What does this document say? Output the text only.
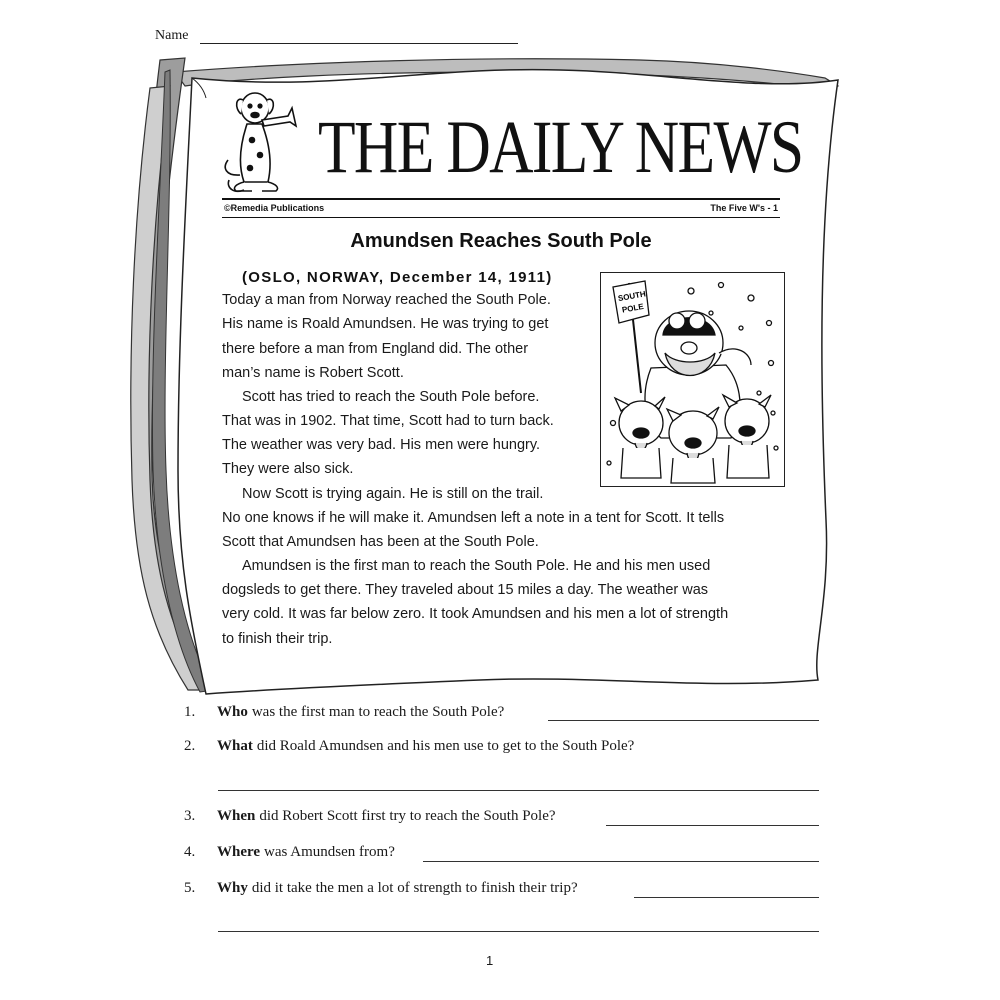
Name
THE DAILY NEWS
©Remedia Publications	The Five W's - 1
Amundsen Reaches South Pole
(OSLO, NORWAY, December 14, 1911)
Today a man from Norway reached the South Pole.
His name is Roald Amundsen. He was trying to get
there before a man from England did. The other
man’s name is Robert Scott.
Scott has tried to reach the South Pole before.
That was in 1902. That time, Scott had to turn back.
The weather was very bad. His men were hungry.
They were also sick.
Now Scott is trying again. He is still on the trail.
No one knows if he will make it. Amundsen left a note in a tent for Scott. It tells
Scott that Amundsen has been at the South Pole.
Amundsen is the first man to reach the South Pole. He and his men used
dogsleds to get there. They traveled about 15 miles a day. The weather was
very cold. It was far below zero. It took Amundsen and his men a lot of strength
to finish their trip.
SOUTH
POLE
1.	Who was the first man to reach the South Pole?
2.	What did Roald Amundsen and his men use to get to the South Pole?
3.	When did Robert Scott first try to reach the South Pole?
4.	Where was Amundsen from?
5.	Why did it take the men a lot of strength to finish their trip?
1
